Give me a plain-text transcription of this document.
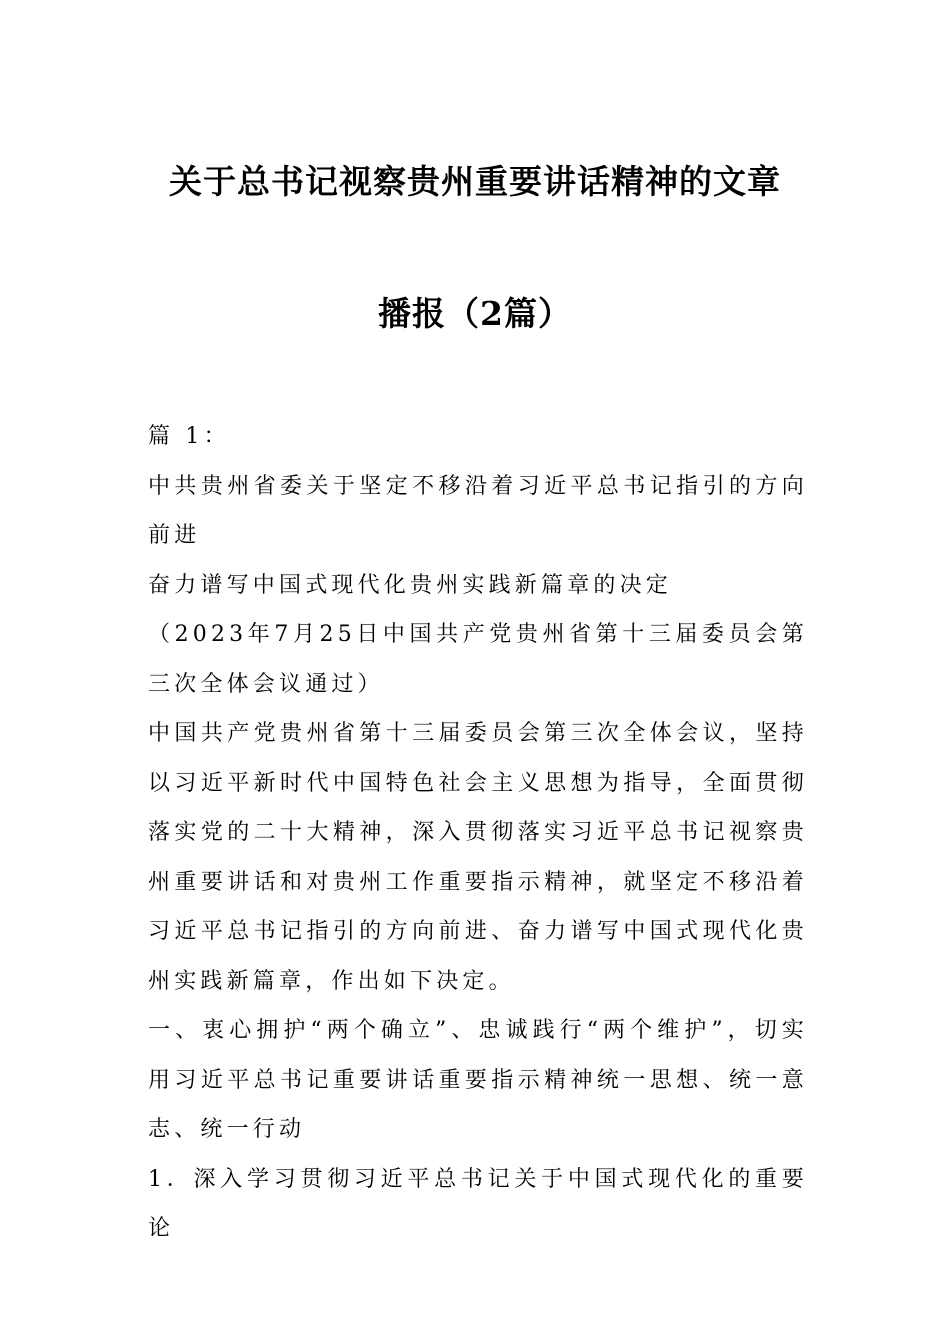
关于总书记视察贵州重要讲话精神的文章
播报（2篇）

篇 1：

中共贵州省委关于坚定不移沿着习近平总书记指引的方向前进

奋力谱写中国式现代化贵州实践新篇章的决定

（2023年7月25日中国共产党贵州省第十三届委员会第三次全体会议通过）

中国共产党贵州省第十三届委员会第三次全体会议，坚持以习近平新时代中国特色社会主义思想为指导，全面贯彻落实党的二十大精神，深入贯彻落实习近平总书记视察贵州重要讲话和对贵州工作重要指示精神，就坚定不移沿着习近平总书记指引的方向前进、奋力谱写中国式现代化贵州实践新篇章，作出如下决定。

一、衷心拥护“两个确立”、忠诚践行“两个维护”，切实用习近平总书记重要讲话重要指示精神统一思想、统一意志、统一行动

1．深入学习贯彻习近平总书记关于中国式现代化的重要论
